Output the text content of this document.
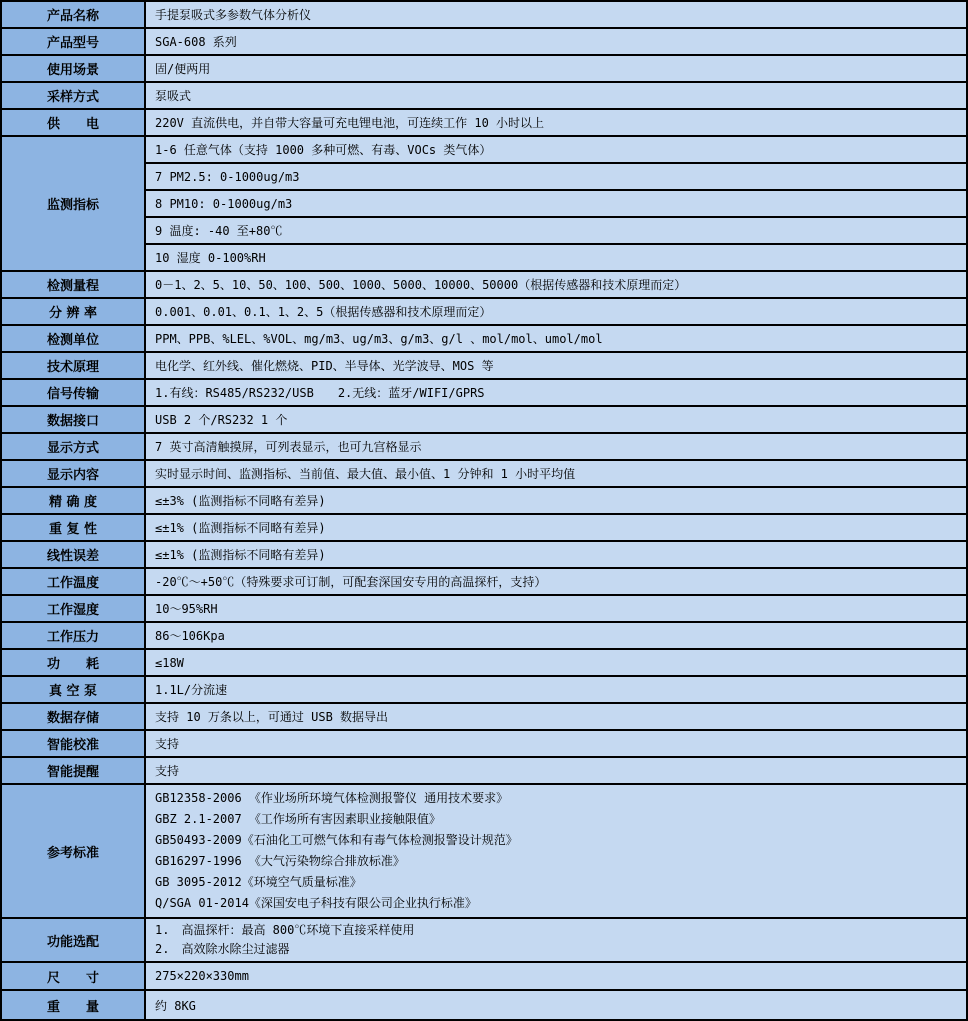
产品名称	手提泵吸式多参数气体分析仪
产品型号	SGA-608 系列
使用场景	固/便两用
采样方式	泵吸式
供　　电	220V 直流供电，并自带大容量可充电锂电池，可连续工作 10 小时以上
监测指标	1-6 任意气体（支持 1000 多种可燃、有毒、VOCs 类气体）
	7 PM2.5: 0-1000ug/m3
	8 PM10: 0-1000ug/m3
	9 温度: -40 至+80℃
	10 湿度 0-100%RH
检测量程	0－1、2、5、10、50、100、500、1000、5000、10000、50000（根据传感器和技术原理而定）
分 辨 率	0.001、0.01、0.1、1、2、5（根据传感器和技术原理而定）
检测单位	PPM、PPB、%LEL、%VOL、mg/m3、ug/m3、g/m3、g/l 、mol/mol、umol/mol
技术原理	电化学、红外线、催化燃烧、PID、半导体、光学波导、MOS 等
信号传输	1.有线：RS485/RS232/USB　　2.无线：蓝牙/WIFI/GPRS
数据接口	USB 2 个/RS232 1 个
显示方式	7 英寸高清触摸屏，可列表显示，也可九宫格显示
显示内容	实时显示时间、监测指标、当前值、最大值、最小值、1 分钟和 1 小时平均值
精 确 度	≤±3% (监测指标不同略有差异)
重 复 性	≤±1% (监测指标不同略有差异)
线性误差	≤±1% (监测指标不同略有差异)
工作温度	-20℃～+50℃（特殊要求可订制，可配套深国安专用的高温探杆，支持）
工作湿度	10～95%RH
工作压力	86～106Kpa
功　　耗	≤18W
真 空 泵	1.1L/分流速
数据存储	支持 10 万条以上，可通过 USB 数据导出
智能校准	支持
智能提醒	支持
参考标准	
GB12358-2006 《作业场所环境气体检测报警仪 通用技术要求》
GBZ 2.1-2007 《工作场所有害因素职业接触限值》
GB50493-2009《石油化工可燃气体和有毒气体检测报警设计规范》
GB16297-1996 《大气污染物综合排放标准》
GB 3095-2012《环境空气质量标准》
Q/SGA 01-2014《深国安电子科技有限公司企业执行标准》

功能选配	1.　高温探杆：最高 800℃环境下直接采样使用
2.　高效除水除尘过滤器

尺　　寸	275×220×330mm
重　　量	约 8KG
